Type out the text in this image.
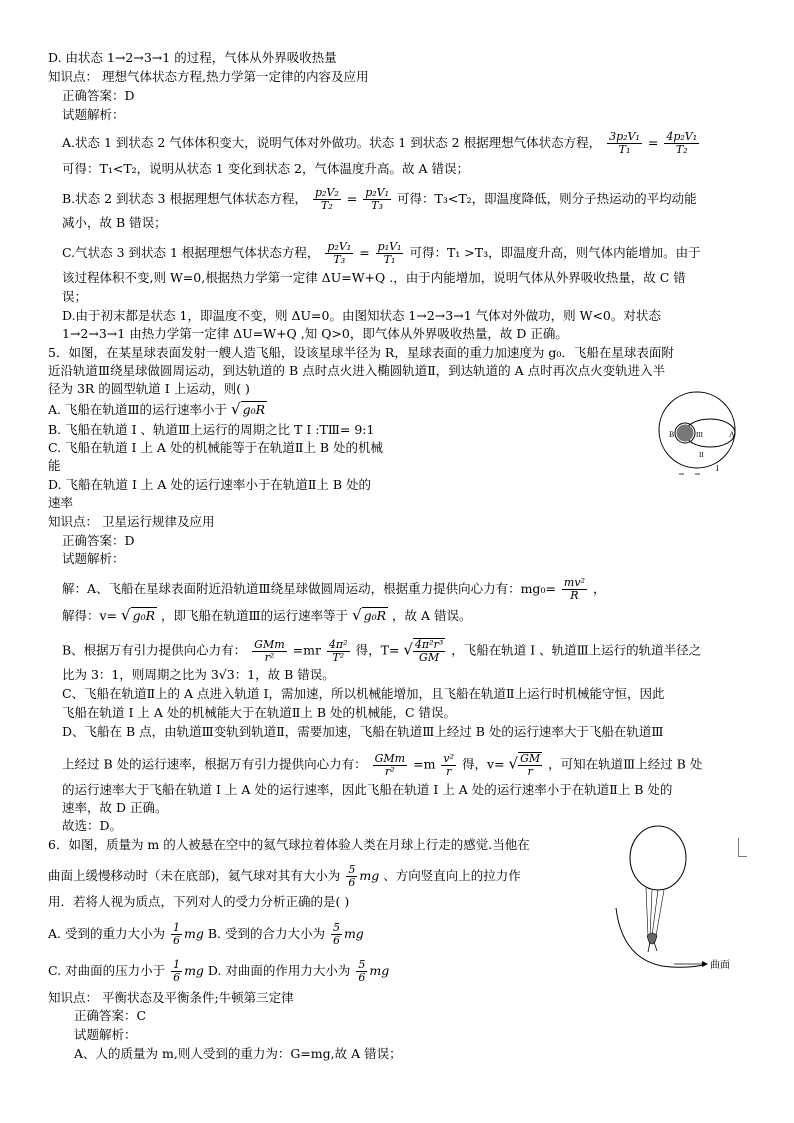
D. 由状态 1→2→3→1 的过程，气体从外界吸收热量
知识点： 理想气体状态方程,热力学第一定律的内容及应用
正确答案：D
试题解析：
A.状态 1 到状态 2 气体体积变大，说明气体对外做功。状态 1 到状态 2 根据理想气体状态方程， $\frac{\text{3p₂V₁}}{\text{T₁}} = \frac{\text{4p₂V₁}}{\text{T₂}}$
可得：T₁<T₂，说明从状态 1 变化到状态 2，气体温度升高。故 A 错误；
B.状态 2 到状态 3 根据理想气体状态方程， $\frac{\text{p₂V₂}}{\text{T₂}} = \frac{\text{p₂V₁}}{\text{T₃}}$ 可得：T₃<T₂，即温度降低，则分子热运动的平均动能
减小，故 B 错误；
C.气状态 3 到状态 1 根据理想气体状态方程， $\frac{\text{p₂V₁}}{\text{T₃}} = \frac{\text{p₁V₁}}{\text{T₁}}$ 可得：T₁ >T₃，即温度升高，则气体内能增加。由于
该过程体积不变,则 W=0,根据热力学第一定律 ΔU=W+Q .，由于内能增加，说明气体从外界吸收热量，故 C 错
误；
D.由于初末都是状态 1，即温度不变，则 ΔU=0。由图知状态 1→2→3→1 气体对外做功，则 W<0。对状态
1→2→3→1 由热力学第一定律 ΔU=W+Q ,知 Q>0，即气体从外界吸收热量，故 D 正确。
5．如图，在某星球表面发射一艘人造飞船，设该星球半径为 R，星球表面的重力加速度为 g₀．飞船在星球表面附
近沿轨道Ⅲ绕星球做圆周运动，到达轨道的 B 点时点火进入椭圆轨道Ⅱ，到达轨道的 A 点时再次点火变轨进入半
径为 3R 的圆型轨道 I 上运动，则( )
A. 飞船在轨道Ⅲ的运行速率小于 √ g₀R
B. 飞船在轨道 I 、轨道Ⅲ上运行的周期之比 T I :TⅢ= 9:1
C. 飞船在轨道 I 上 A 处的机械能等于在轨道Ⅱ上 B 处的机械
能
D. 飞船在轨道 I 上 A 处的运行速率小于在轨道Ⅱ上 B 处的
速率
B	III	A
II
I
知识点： 卫星运行规律及应用
正确答案：D
试题解析：
解：A、飞船在星球表面附近沿轨道Ⅲ绕星球做圆周运动，根据重力提供向心力有：$mg_0= \frac{\text{mv²}}{R}$ ，
解得：v= √ g₀R ，即飞船在轨道Ⅲ的运行速率等于 √ g₀R ，故 A 错误。
B、根据万有引力提供向心力有： GMm
r²	$=mr \frac{\text{4π²}}{\text{T²}}$ 得，T= √ $\frac{\text{4π²r³}}{GM}$ ，飞船在轨道 I 、轨道Ⅲ上运行的轨道半径之
比为 3：1，则周期之比为 3√3：1，故 B 错误。
C、飞船在轨道Ⅱ上的 A 点进入轨道 I，需加速，所以机械能增加，且飞船在轨道Ⅱ上运行时机械能守恒，因此
飞船在轨道 I 上 A 处的机械能大于在轨道Ⅱ上 B 处的机械能，C 错误。
D、飞船在 B 点，由轨道Ⅲ变轨到轨道Ⅱ，需要加速，飞船在轨道Ⅲ上经过 B 处的运行速率大于飞船在轨道Ⅲ
上经过 B 处的运行速率，根据万有引力提供向心力有： GMm
r²	$=m \frac{\text{v²}}{r}$ 得，v= √ $\frac{GM}{r}$ ，可知在轨道Ⅲ上经过 B 处
的运行速率大于飞船在轨道 I 上 A 处的运行速率，因此飞船在轨道 I 上 A 处的运行速率小于在轨道Ⅱ上 B 处的
速率，故 D 正确。
故选：D。
6．如图，质量为 m 的人被悬在空中的氦气球拉着体验人类在月球上行走的感觉.当他在
曲面上缓慢移动时（未在底部)，氦气球对其有大小为 $\frac{5}{6}$ mg 、方向竖直向上的拉力作
用．若将人视为质点，下列对人的受力分析正确的是( )
A. 受到的重力大小为 $\frac{1}{6}$ mg B. 受到的合力大小为 $\frac{5}{6}$ mg
C. 对曲面的压力小于 $\frac{1}{6}$ mg D. 对曲面的作用力大小为 $\frac{5}{6}$ mg
知识点： 平衡状态及平衡条件;牛顿第三定律
正确答案：C
试题解析：
A、人的质量为 m,则人受到的重力为：G=mg,故 A 错误；
曲面
